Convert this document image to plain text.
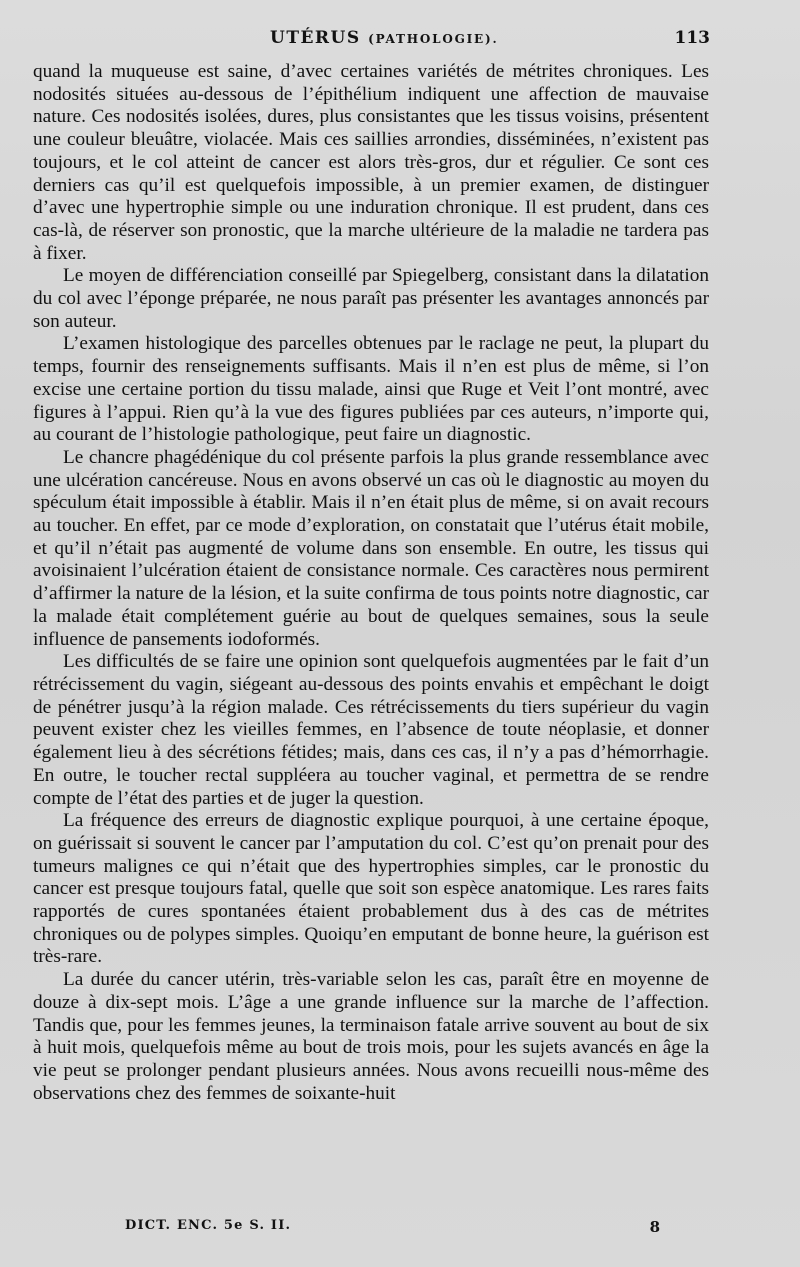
UTÉRUS (PATHOLOGIE).	113

quand la muqueuse est saine, d’avec certaines variétés de métrites chroniques. Les nodosités situées au-dessous de l’épithélium indiquent une affection de mauvaise nature. Ces nodosités isolées, dures, plus consistantes que les tissus voisins, présentent une couleur bleuâtre, violacée. Mais ces saillies arrondies, disséminées, n’existent pas toujours, et le col atteint de cancer est alors très-gros, dur et régulier. Ce sont ces derniers cas qu’il est quelquefois impossible, à un premier examen, de distinguer d’avec une hypertrophie simple ou une induration chronique. Il est prudent, dans ces cas-là, de réserver son pronostic, que la marche ultérieure de la maladie ne tardera pas à fixer.

Le moyen de différenciation conseillé par Spiegelberg, consistant dans la dilatation du col avec l’éponge préparée, ne nous paraît pas présenter les avantages annoncés par son auteur.

L’examen histologique des parcelles obtenues par le raclage ne peut, la plupart du temps, fournir des renseignements suffisants. Mais il n’en est plus de même, si l’on excise une certaine portion du tissu malade, ainsi que Ruge et Veit l’ont montré, avec figures à l’appui. Rien qu’à la vue des figures publiées par ces auteurs, n’importe qui, au courant de l’histologie pathologique, peut faire un diagnostic.

Le chancre phagédénique du col présente parfois la plus grande ressemblance avec une ulcération cancéreuse. Nous en avons observé un cas où le diagnostic au moyen du spéculum était impossible à établir. Mais il n’en était plus de même, si on avait recours au toucher. En effet, par ce mode d’exploration, on constatait que l’utérus était mobile, et qu’il n’était pas augmenté de volume dans son ensemble. En outre, les tissus qui avoisinaient l’ulcération étaient de consistance normale. Ces caractères nous permirent d’affirmer la nature de la lésion, et la suite confirma de tous points notre diagnostic, car la malade était complétement guérie au bout de quelques semaines, sous la seule influence de pansements iodoformés.

Les difficultés de se faire une opinion sont quelquefois augmentées par le fait d’un rétrécissement du vagin, siégeant au-dessous des points envahis et empêchant le doigt de pénétrer jusqu’à la région malade. Ces rétrécissements du tiers supérieur du vagin peuvent exister chez les vieilles femmes, en l’absence de toute néoplasie, et donner également lieu à des sécrétions fétides; mais, dans ces cas, il n’y a pas d’hémorrhagie. En outre, le toucher rectal suppléera au toucher vaginal, et permettra de se rendre compte de l’état des parties et de juger la question.

La fréquence des erreurs de diagnostic explique pourquoi, à une certaine époque, on guérissait si souvent le cancer par l’amputation du col. C’est qu’on prenait pour des tumeurs malignes ce qui n’était que des hypertrophies simples, car le pronostic du cancer est presque toujours fatal, quelle que soit son espèce anatomique. Les rares faits rapportés de cures spontanées étaient probablement dus à des cas de métrites chroniques ou de polypes simples. Quoiqu’en emputant de bonne heure, la guérison est très-rare.

La durée du cancer utérin, très-variable selon les cas, paraît être en moyenne de douze à dix-sept mois. L’âge a une grande influence sur la marche de l’affection. Tandis que, pour les femmes jeunes, la terminaison fatale arrive souvent au bout de six à huit mois, quelquefois même au bout de trois mois, pour les sujets avancés en âge la vie peut se prolonger pendant plusieurs années. Nous avons recueilli nous-même des observations chez des femmes de soixante-huit

DICT. ENC. 5e S. II.	8
